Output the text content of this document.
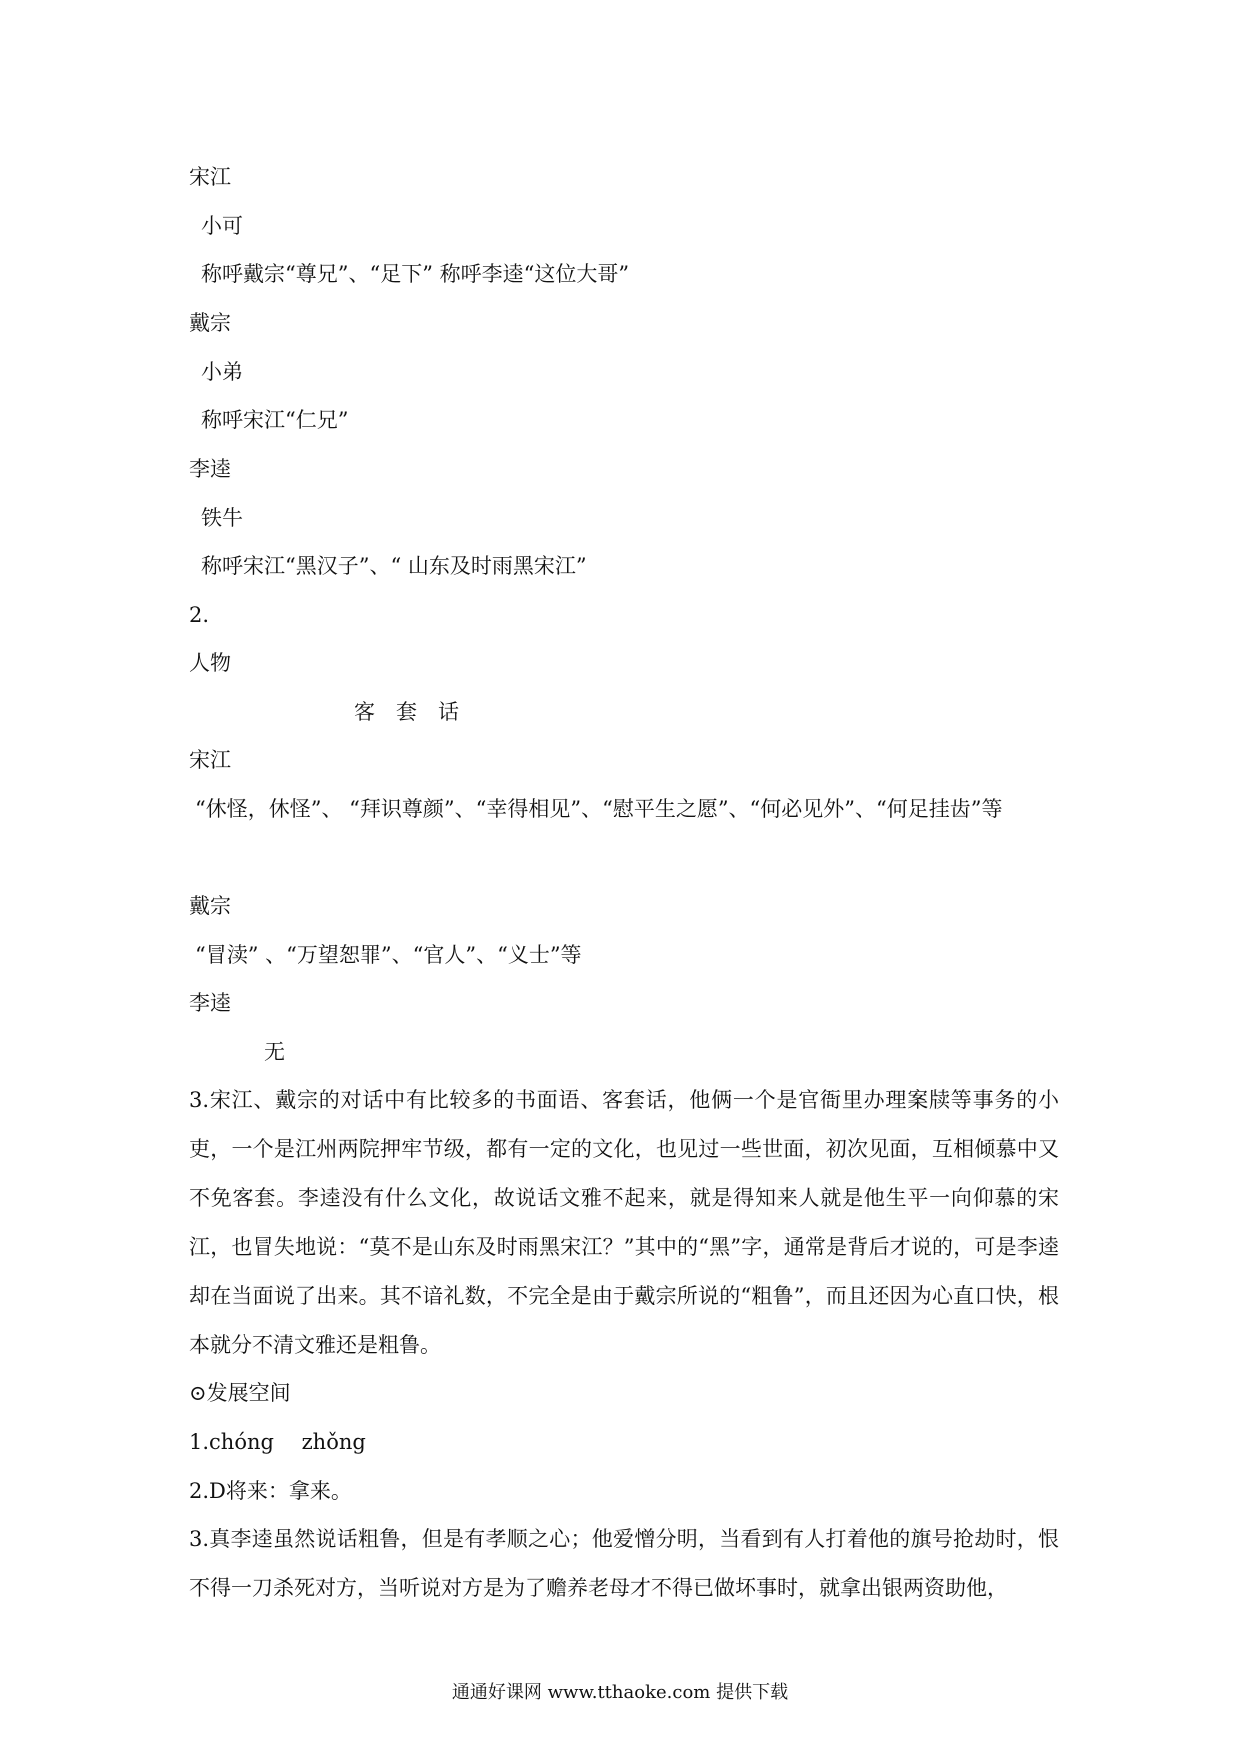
宋江
小可
称呼戴宗“尊兄”、“足下” 称呼李逵“这位大哥”
戴宗
小弟
称呼宋江“仁兄”
李逵
铁牛
称呼宋江“黑汉子”、“ 山东及时雨黑宋江”
2.
人物
客　套　话
宋江
“休怪，休怪”、 “拜识尊颜”、“幸得相见”、“慰平生之愿”、“何必见外”、“何足挂齿”等
戴宗
“冒渎” 、“万望恕罪”、“官人”、“义士”等
李逵
无
3.宋江、戴宗的对话中有比较多的书面语、客套话，他俩一个是官衙里办理案牍等事务的小吏，一个是江州两院押牢节级，都有一定的文化，也见过一些世面，初次见面，互相倾慕中又不免客套。李逵没有什么文化，故说话文雅不起来，就是得知来人就是他生平一向仰慕的宋江，也冒失地说：“莫不是山东及时雨黑宋江？”其中的“黑”字，通常是背后才说的，可是李逵却在当面说了出来。其不谙礼数，不完全是由于戴宗所说的“粗鲁”，而且还因为心直口快，根本就分不清文雅还是粗鲁。
⊙发展空间
1.chóng　 zhǒng
2.D将来：拿来。
3.真李逵虽然说话粗鲁，但是有孝顺之心；他爱憎分明，当看到有人打着他的旗号抢劫时，恨不得一刀杀死对方，当听说对方是为了赡养老母才不得已做坏事时，就拿出银两资助他，
通通好课网 www.tthaoke.com 提供下载
